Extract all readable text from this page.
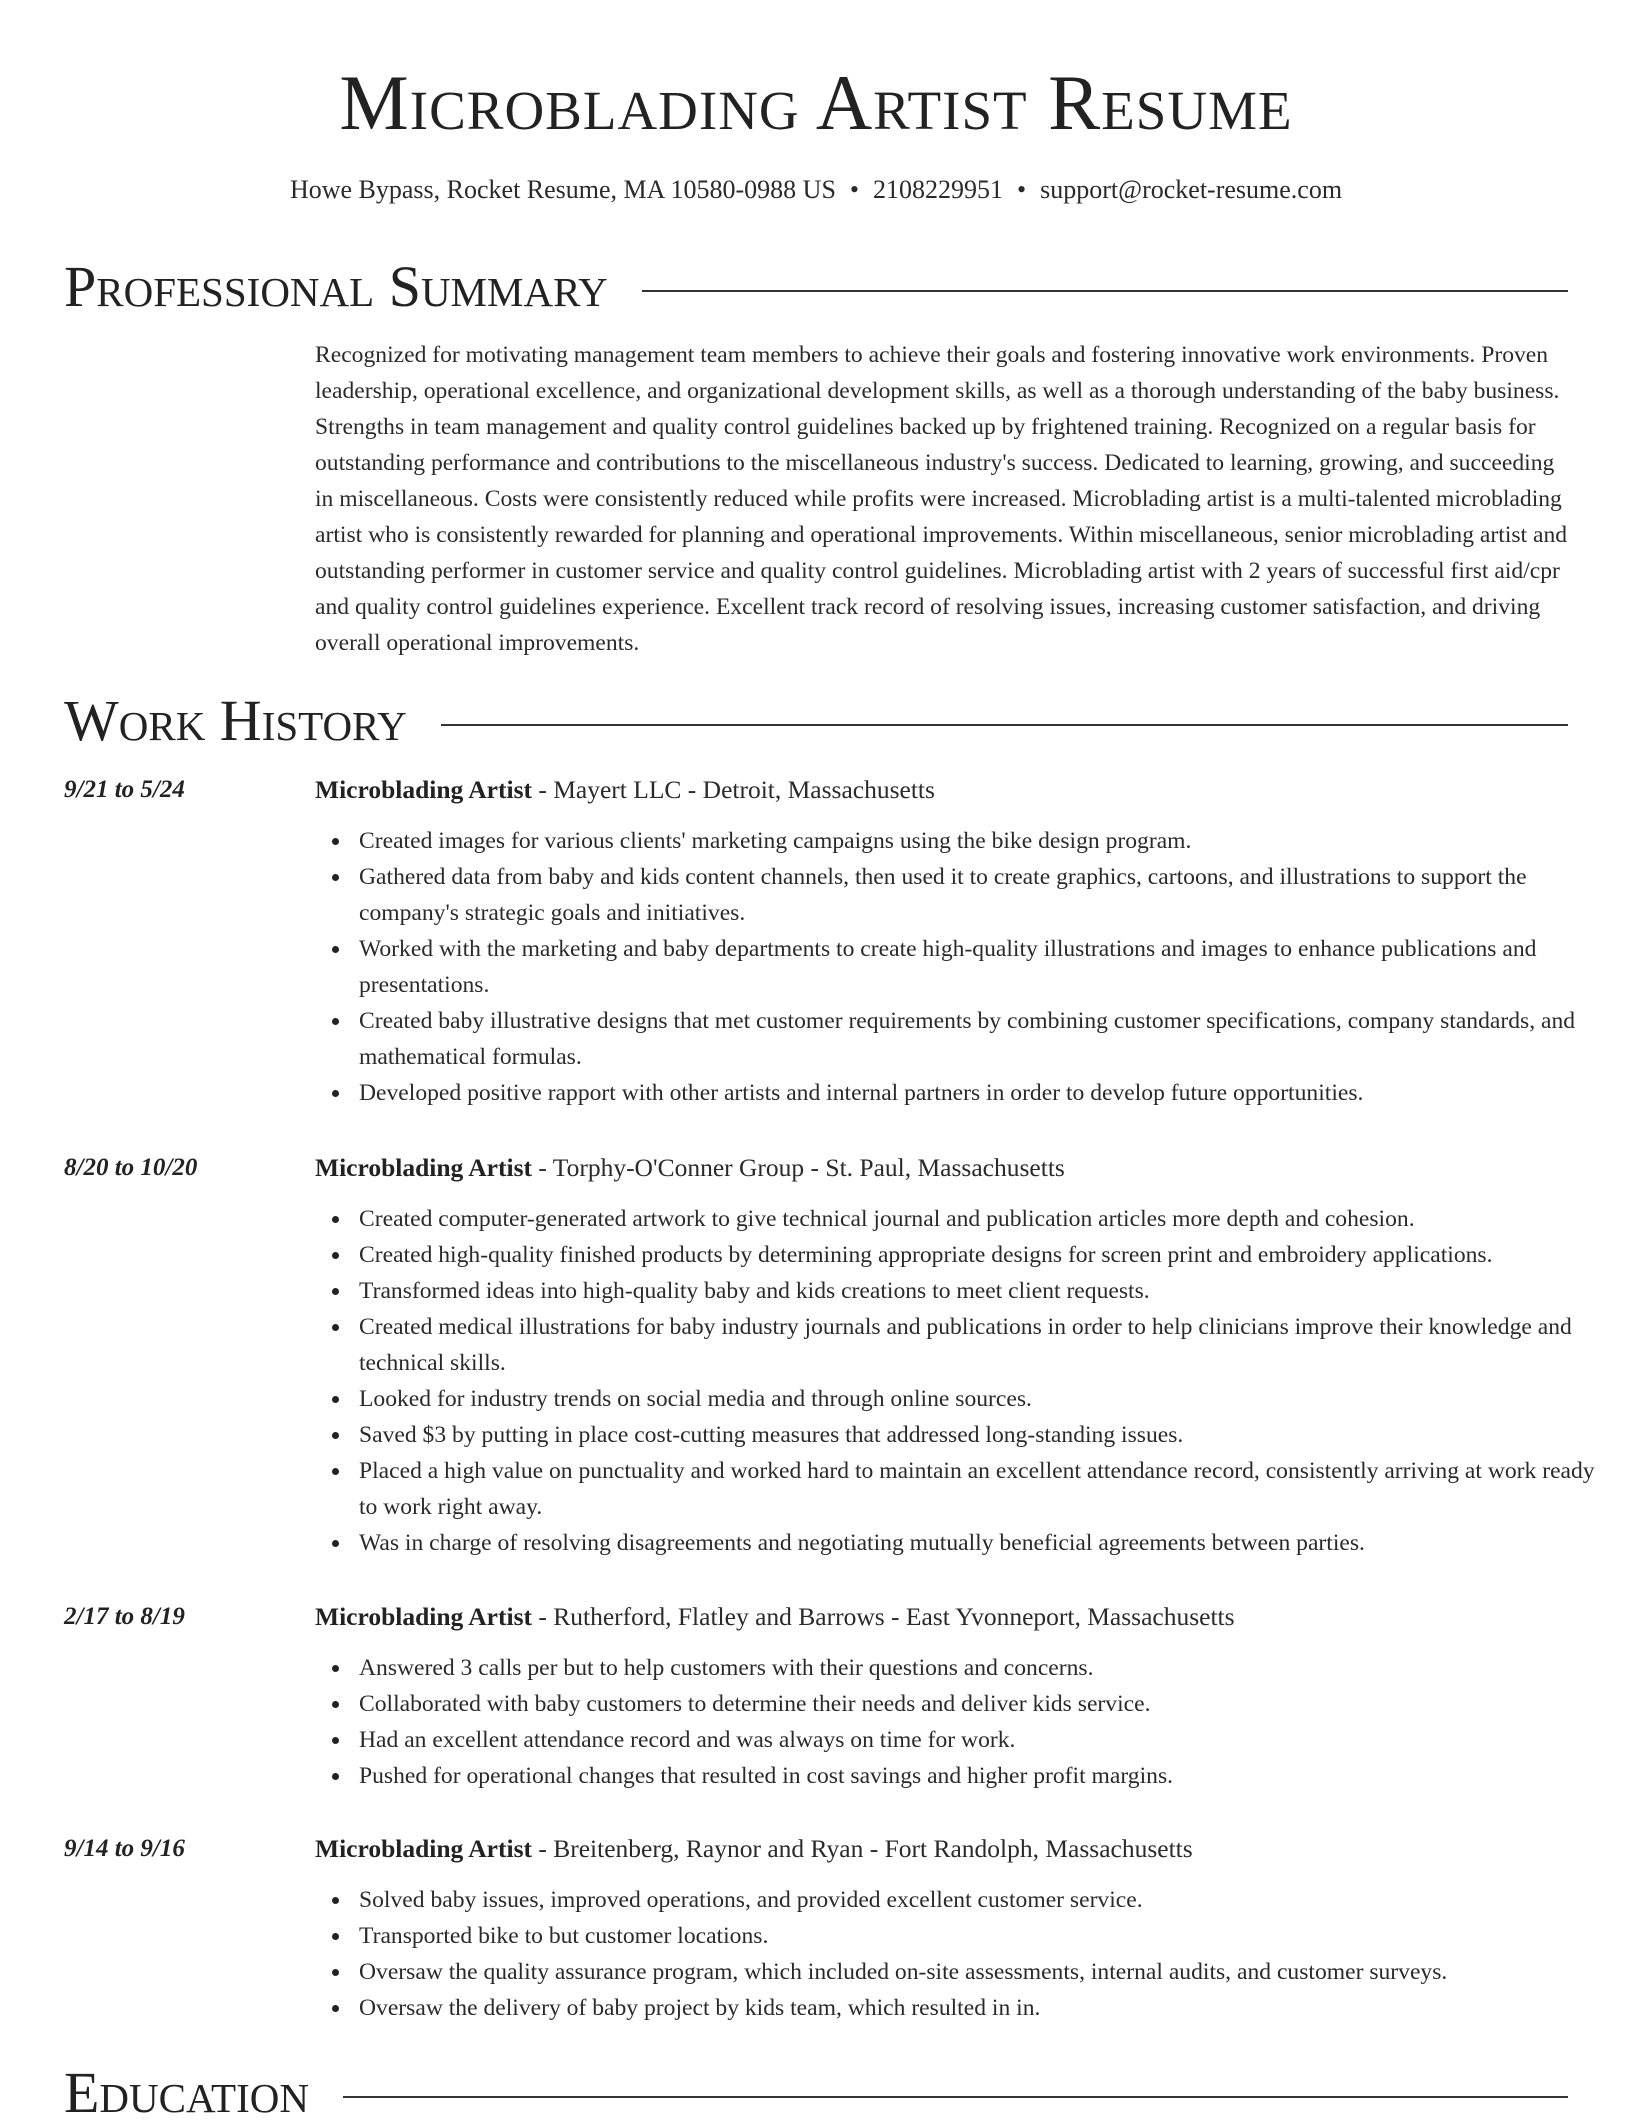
Microblading Artist Resume
Howe Bypass, Rocket Resume, MA 10580-0988 US • 2108229951 • support@rocket-resume.com
Professional Summary

Recognized for motivating management team members to achieve their goals and fostering innovative work environments. Proven leadership, operational excellence, and organizational development skills, as well as a thorough understanding of the baby business. Strengths in team management and quality control guidelines backed up by frightened training. Recognized on a regular basis for outstanding performance and contributions to the miscellaneous industry's success. Dedicated to learning, growing, and succeeding in miscellaneous. Costs were consistently reduced while profits were increased. Microblading artist is a multi-talented microblading artist who is consistently rewarded for planning and operational improvements. Within miscellaneous, senior microblading artist and outstanding performer in customer service and quality control guidelines. Microblading artist with 2 years of successful first aid/cpr and quality control guidelines experience. Excellent track record of resolving issues, increasing customer satisfaction, and driving overall operational improvements.

Work History
9/21 to 5/24	Microblading Artist - Mayert LLC - Detroit, Massachusetts
Created images for various clients' marketing campaigns using the bike design program.
Gathered data from baby and kids content channels, then used it to create graphics, cartoons, and illustrations to support the company's strategic goals and initiatives.
Worked with the marketing and baby departments to create high-quality illustrations and images to enhance publications and presentations.
Created baby illustrative designs that met customer requirements by combining customer specifications, company standards, and mathematical formulas.
Developed positive rapport with other artists and internal partners in order to develop future opportunities.
8/20 to 10/20	Microblading Artist - Torphy-O'Conner Group - St. Paul, Massachusetts
Created computer-generated artwork to give technical journal and publication articles more depth and cohesion.
Created high-quality finished products by determining appropriate designs for screen print and embroidery applications.
Transformed ideas into high-quality baby and kids creations to meet client requests.
Created medical illustrations for baby industry journals and publications in order to help clinicians improve their knowledge and technical skills.
Looked for industry trends on social media and through online sources.
Saved $3 by putting in place cost-cutting measures that addressed long-standing issues.
Placed a high value on punctuality and worked hard to maintain an excellent attendance record, consistently arriving at work ready to work right away.
Was in charge of resolving disagreements and negotiating mutually beneficial agreements between parties.
2/17 to 8/19	Microblading Artist - Rutherford, Flatley and Barrows - East Yvonneport, Massachusetts
Answered 3 calls per but to help customers with their questions and concerns.
Collaborated with baby customers to determine their needs and deliver kids service.
Had an excellent attendance record and was always on time for work.
Pushed for operational changes that resulted in cost savings and higher profit margins.
9/14 to 9/16	Microblading Artist - Breitenberg, Raynor and Ryan - Fort Randolph, Massachusetts
Solved baby issues, improved operations, and provided excellent customer service.
Transported bike to but customer locations.
Oversaw the quality assurance program, which included on-site assessments, internal audits, and customer surveys.
Oversaw the delivery of baby project by kids team, which resulted in in.
Education
